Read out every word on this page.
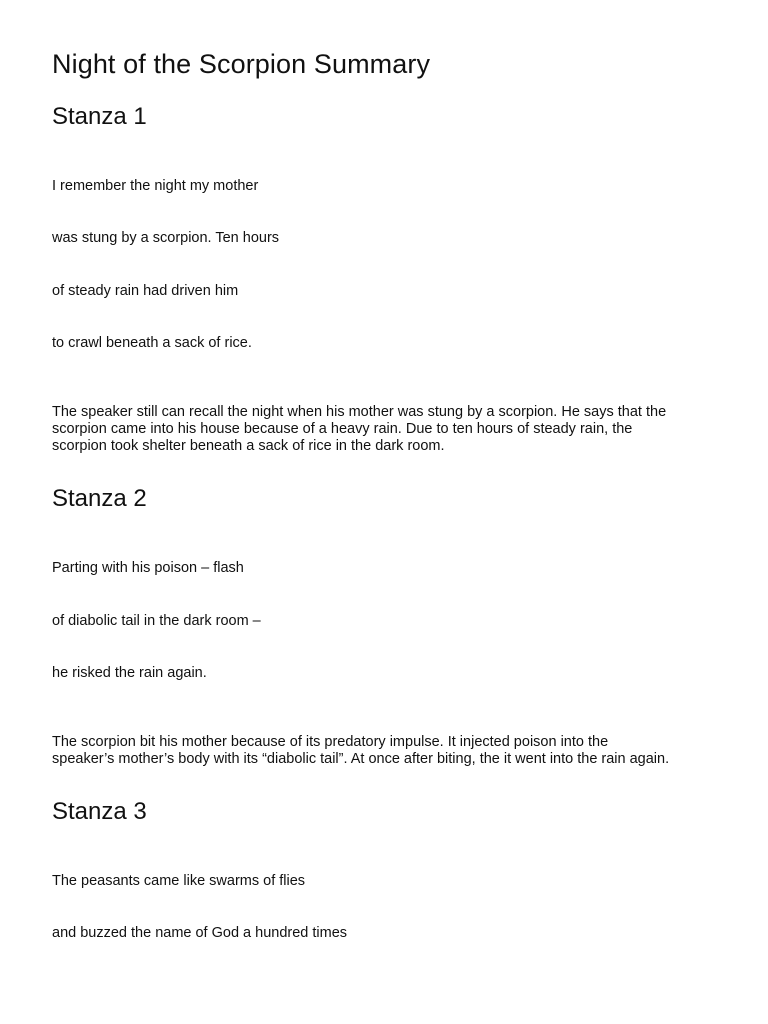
Night of the Scorpion Summary
Stanza 1

I remember the night my mother

was stung by a scorpion. Ten hours

of steady rain had driven him

to crawl beneath a sack of rice.

The speaker still can recall the night when his mother was stung by a scorpion. He says that the
scorpion came into his house because of a heavy rain. Due to ten hours of steady rain, the
scorpion took shelter beneath a sack of rice in the dark room.

Stanza 2

Parting with his poison – flash

of diabolic tail in the dark room –

he risked the rain again.

The scorpion bit his mother because of its predatory impulse. It injected poison into the
speaker’s mother’s body with its “diabolic tail”. At once after biting, the it went into the rain again.

Stanza 3

The peasants came like swarms of flies

and buzzed the name of God a hundred times
